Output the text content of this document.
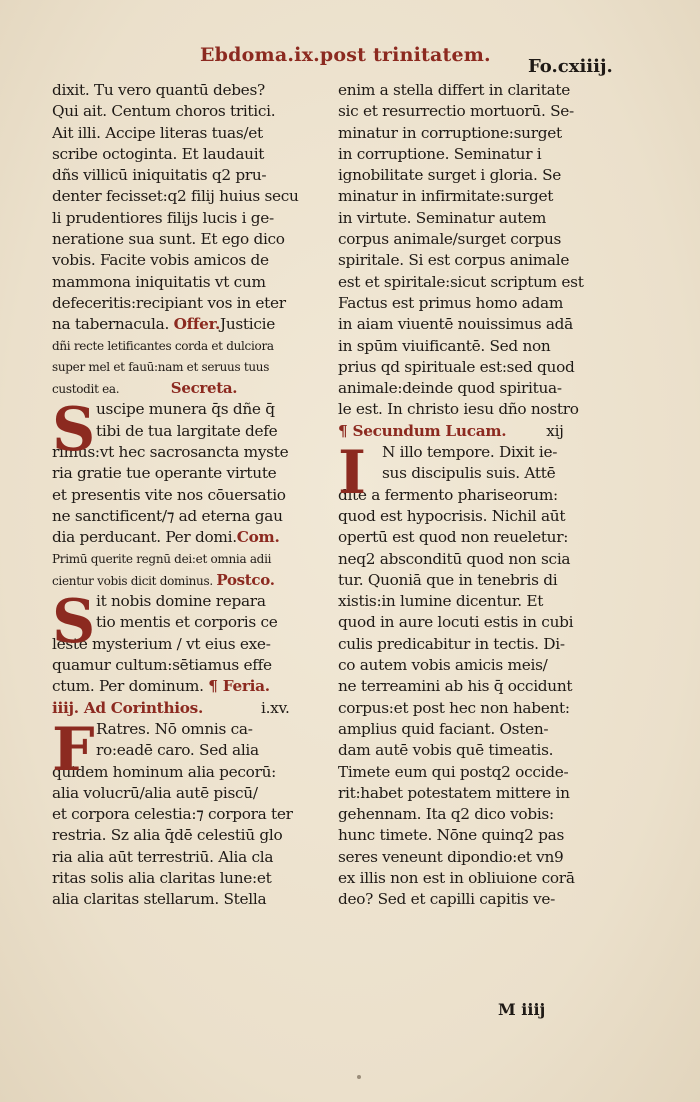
Ebdoma.ix.post trinitatem.
Fo.cxiiij.
dixit. Tu vero quantū debes?
Qui ait. Centum choros tritici.
Ait illi. Accipe literas tuas/et
scribe octoginta. Et laudauit
dñs villicū iniquitatis q2 pru-
denter fecisset:q2 filij huius secu
li prudentiores filijs lucis i ge-
neratione sua sunt. Et ego dico
vobis. Facite vobis amicos de
mammona iniquitatis vt cum
defeceritis:recipiant vos in eter
na tabernacula. Offer.Justicie
dñi recte letificantes corda et dulciora
super mel et fauū:nam et seruus tuus
custodit ea.	Secreta.
S uscipe munera q̄s dñe q̄
tibi de tua largitate defe
rimus:vt hec sacrosancta myste
ria gratie tue operante virtute
et presentis vite nos cōuersatio
ne sanctificent/⁊ ad eterna gau
dia perducant. Per domi.Com.
Primū querite regnū dei:et omnia adii
cientur vobis dicit dominus. Postco.
S it nobis domine repara
tio mentis et corporis ce
leste mysterium / vt eius exe-
quamur cultum:sētiamus effe
ctum. Per dominum. ¶ Feria.
iiij. Ad Corinthios.	i.xv.
F Ratres. Nō omnis ca-
ro:eadē caro. Sed alia
quidem hominum alia pecorū:
alia volucrū/alia autē piscū/
et corpora celestia:⁊ corpora ter
restria. Sz alia q̄dē celestiū glo
ria alia aūt terrestriū. Alia cla
ritas solis alia claritas lune:et
alia claritas stellarum. Stella
enim a stella differt in claritate
sic et resurrectio mortuorū. Se-
minatur in corruptione:surget
in corruptione. Seminatur i
ignobilitate surget i gloria. Se
minatur in infirmitate:surget
in virtute. Seminatur autem
corpus animale/surget corpus
spiritale. Si est corpus animale
est et spiritale:sicut scriptum est
Factus est primus homo adam
in aiam viuentē nouissimus adā
in spūm viuificantē. Sed non
prius qd spirituale est:sed quod
animale:deinde quod spiritua-
le est. In christo iesu dño nostro
¶ Secundum Lucam.	xij
I	N illo tempore. Dixit ie-
sus discipulis suis. Attē
dite a fermento phariseorum:
quod est hypocrisis. Nichil aūt
opertū est quod non reueletur:
neq2 absconditū quod non scia
tur. Quoniā que in tenebris di
xistis:in lumine dicentur. Et
quod in aure locuti estis in cubi
culis predicabitur in tectis. Di-
co autem vobis amicis meis/
ne terreamini ab his q̄ occidunt
corpus:et post hec non habent:
amplius quid faciant. Osten-
dam autē vobis quē timeatis.
Timete eum qui postq2 occide-
rit:habet potestatem mittere in
gehennam. Ita q2 dico vobis:
hunc timete. Nōne quinq2 pas
seres veneunt dipondio:et vn9
ex illis non est in obliuione corā
deo? Sed et capilli capitis ve-
M iiij
